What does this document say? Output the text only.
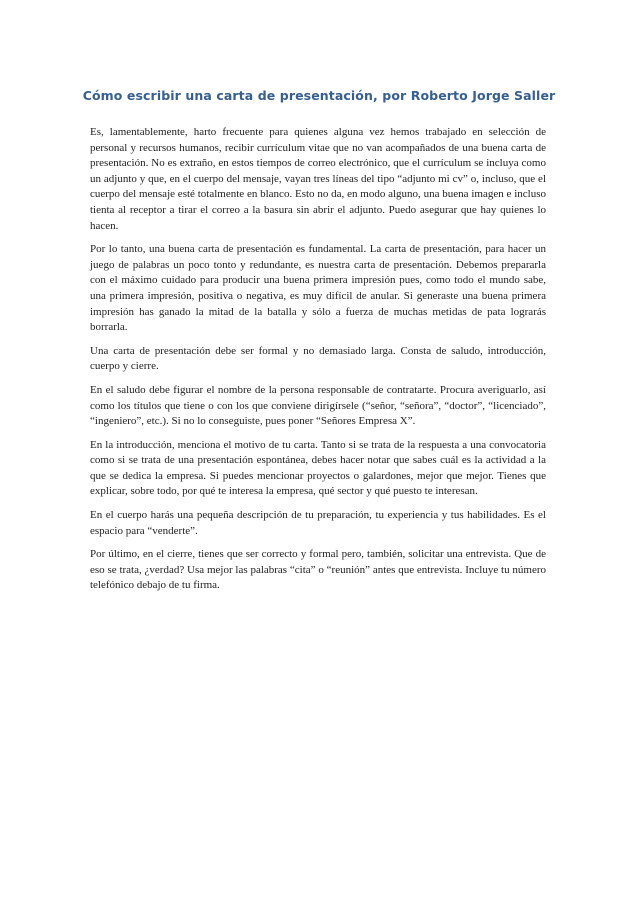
Cómo escribir una carta de presentación, por Roberto Jorge Saller

Es, lamentablemente, harto frecuente para quienes alguna vez hemos trabajado en selección de personal y recursos humanos, recibir currículum vitae que no van acompañados de una buena carta de presentación. No es extraño, en estos tiempos de correo electrónico, que el currículum se incluya como un adjunto y que, en el cuerpo del mensaje, vayan tres líneas del tipo “adjunto mi cv” o, incluso, que el cuerpo del mensaje esté totalmente en blanco. Esto no da, en modo alguno, una buena imagen e incluso tienta al receptor a tirar el correo a la basura sin abrir el adjunto. Puedo asegurar que hay quienes lo hacen.

Por lo tanto, una buena carta de presentación es fundamental. La carta de presentación, para hacer un juego de palabras un poco tonto y redundante, es nuestra carta de presentación. Debemos prepararla con el máximo cuidado para producir una buena primera impresión pues, como todo el mundo sabe, una primera impresión, positiva o negativa, es muy difícil de anular. Si generaste una buena primera impresión has ganado la mitad de la batalla y sólo a fuerza de muchas metidas de pata lograrás borrarla.

Una carta de presentación debe ser formal y no demasiado larga. Consta de saludo, introducción, cuerpo y cierre.

En el saludo debe figurar el nombre de la persona responsable de contratarte. Procura averiguarlo, así como los títulos que tiene o con los que conviene dirigírsele (“señor, “señora”, “doctor”, “licenciado”, “ingeniero”, etc.). Si no lo conseguiste, pues poner “Señores Empresa X”.

En la introducción, menciona el motivo de tu carta. Tanto si se trata de la respuesta a una convocatoria como si se trata de una presentación espontánea, debes hacer notar que sabes cuál es la actividad a la que se dedica la empresa. Si puedes mencionar proyectos o galardones, mejor que mejor. Tienes que explicar, sobre todo, por qué te interesa la empresa, qué sector y qué puesto te interesan.

En el cuerpo harás una pequeña descripción de tu preparación, tu experiencia y tus habilidades. Es el espacio para “venderte”.

Por último, en el cierre, tienes que ser correcto y formal pero, también, solicitar una entrevista. Que de eso se trata, ¿verdad? Usa mejor las palabras “cita” o “reunión” antes que entrevista. Incluye tu número telefónico debajo de tu firma.
